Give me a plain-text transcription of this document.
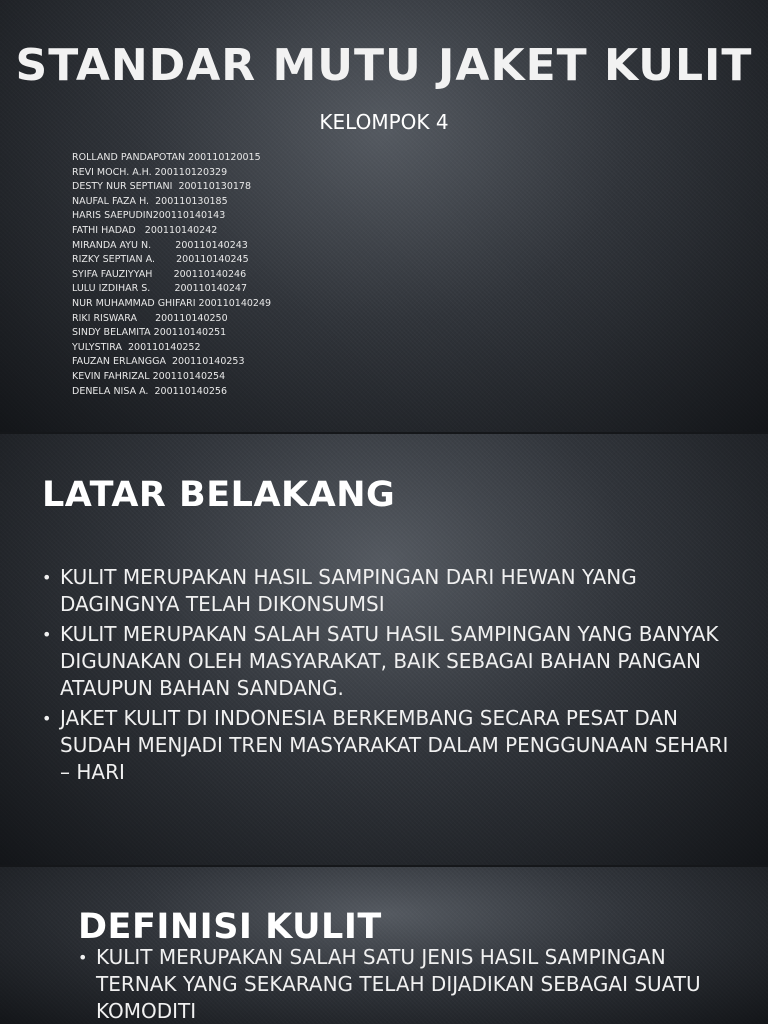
STANDAR MUTU JAKET KULIT
KELOMPOK 4
ROLLAND PANDAPOTAN 200110120015
REVI MOCH. A.H. 200110120329
DESTY NUR SEPTIANI  200110130178
NAUFAL FAZA H.  200110130185
HARIS SAEPUDIN200110140143
FATHI HADAD   200110140242
MIRANDA AYU N.        200110140243
RIZKY SEPTIAN A.       200110140245
SYIFA FAUZIYYAH       200110140246
LULU IZDIHAR S.        200110140247
NUR MUHAMMAD GHIFARI 200110140249
RIKI RISWARA      200110140250
SINDY BELAMITA 200110140251
YULYSTIRA  200110140252
FAUZAN ERLANGGA  200110140253
KEVIN FAHRIZAL 200110140254
DENELA NISA A.  200110140256
LATAR BELAKANG
• KULIT MERUPAKAN HASIL SAMPINGAN DARI HEWAN YANG DAGINGNYA TELAH DIKONSUMSI
• KULIT MERUPAKAN SALAH SATU HASIL SAMPINGAN YANG BANYAK DIGUNAKAN OLEH MASYARAKAT, BAIK SEBAGAI BAHAN PANGAN ATAUPUN BAHAN SANDANG.
• JAKET KULIT DI INDONESIA BERKEMBANG SECARA PESAT DAN SUDAH MENJADI TREN MASYARAKAT DALAM PENGGUNAAN SEHARI – HARI
DEFINISI KULIT
• KULIT MERUPAKAN SALAH SATU JENIS HASIL SAMPINGAN TERNAK YANG SEKARANG TELAH DIJADIKAN SEBAGAI SUATU KOMODITI
